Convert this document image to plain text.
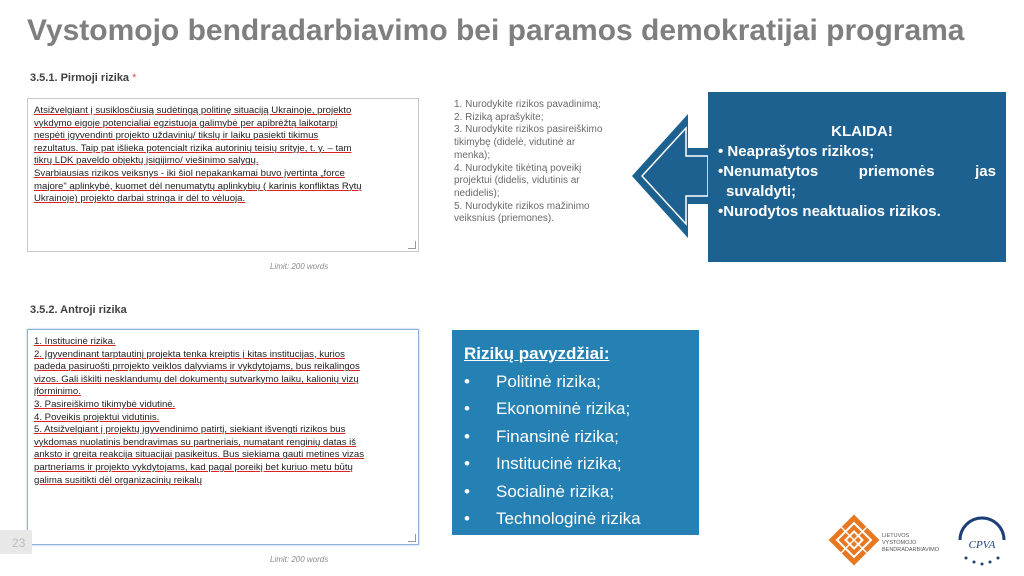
Vystomojo bendradarbiavimo bei paramos demokratijai programa
3.5.1. Pirmoji rizika *
Atsižvelgiant į susiklosčiusią sudėtingą politinę situaciją Ukrainoje, projekto
vykdymo eigoje potencialiai egzistuoja galimybė per apibrėžtą laikotarpį
nespėti įgyvendinti projekto uždavinių/ tikslų ir laiku pasiekti tikimus
rezultatus. Taip pat išlieka potencialt rizika autorinių teisių srityje, t. y. – tam
tikrų LDK paveldo objektų įsigijimo/ viešinimo salygų.
Svarbiausias rizikos veiksnys - iki šiol nepakankamai buvo įvertinta „force
majore" aplinkybė, kuomet dėl nenumatytų aplinkybių ( karinis konfliktas Rytų
Ukrainoje) projekto darbai stringa ir dėl to vėluoja.
Limit: 200 words
3.5.2. Antroji rizika
1. Institucinė rizika.
2. Įgyvendinant tarptautinį projekta tenka kreiptis į kitas institucijas, kurios
padeda pasiruošti prrojekto veiklos dalyviams ir vykdytojams, bus reikalingos
vizos. Gali iškilti nesklandumų del dokumentų sutvarkymo laiku, kalionių vizų
įforminimo.
3. Pasireiškimo tikimybė vidutinė.
4. Poveikis projektui vidutinis.
5. Atsižvelgiant į projektų įgyvendinimo patirtį, siekiant išvengti rizikos bus
vykdomas nuolatinis bendravimas su partneriais, numatant renginių datas iš
anksto ir greita reakcija situacijai pasikeitus. Bus siekiama gauti metines vizas
partneriams ir projekto vykdytojams, kad pagal poreikį bet kuriuo metu būtų
galima susitikti dėl organizacinių reikalų
Limit: 200 words
1. Nurodykite rizikos pavadinimą;
2. Riziką aprašykite;
3. Nurodykite rizikos pasireiškimo
tikimybę (didelė, vidutinė ar
menka);
4. Nurodykite tikėtiną poveikį
projektui (didelis, vidutinis ar
nedidelis);
5. Nurodykite rizikos mažinimo
veiksnius (priemones).
KLAIDA!
• Neaprašytos rizikos;
•Nenumatytos	priemonės	jas
suvaldyti;
•Nurodytos neaktualios rizikos.
Rizikų pavyzdžiai:
•	Politinė rizika;
•	Ekonominė rizika;
•	Finansinė rizika;
•	Institucinė rizika;
•	Socialinė rizika;
•	Technologinė rizika
23	LIETUVOS
VYSTOMOJO
BENDRADARBIAVIMO	CPVA
